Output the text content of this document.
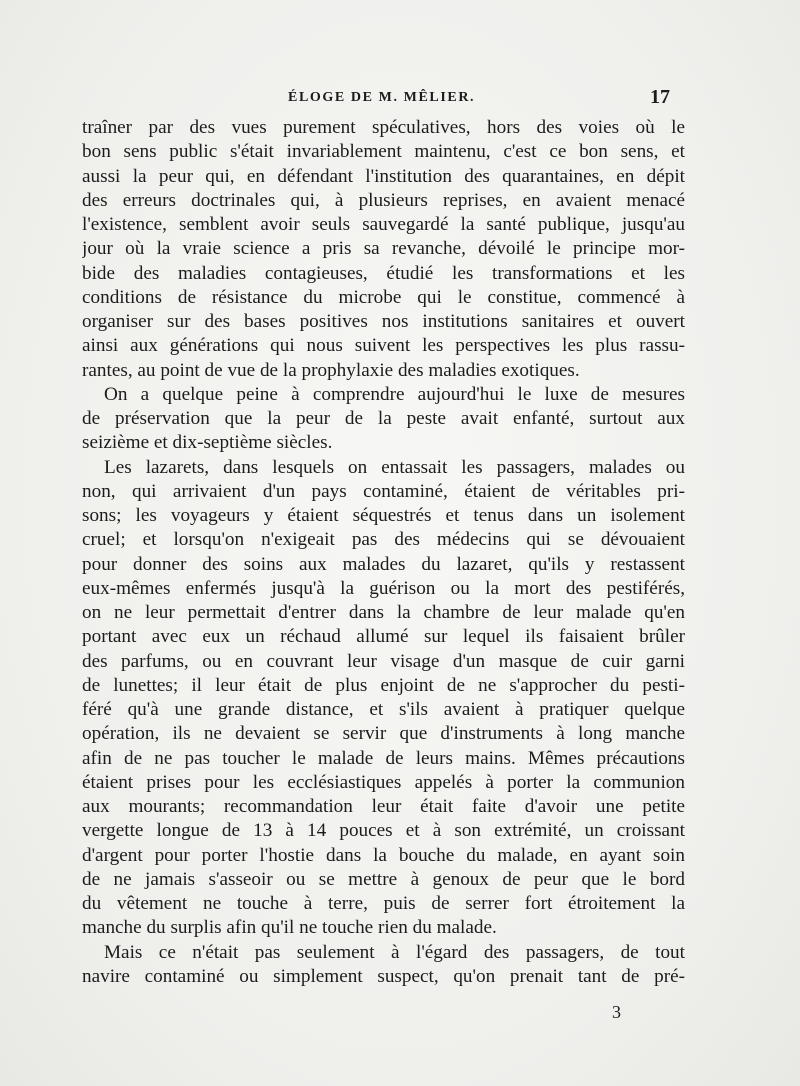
ÉLOGE DE M. MÊLIER.	17
traîner par des vues purement spéculatives, hors des voies où le
bon sens public s'était invariablement maintenu, c'est ce bon sens, et
aussi la peur qui, en défendant l'institution des quarantaines, en dépit
des erreurs doctrinales qui, à plusieurs reprises, en avaient menacé
l'existence, semblent avoir seuls sauvegardé la santé publique, jusqu'au
jour où la vraie science a pris sa revanche, dévoilé le principe mor-
bide des maladies contagieuses, étudié les transformations et les
conditions de résistance du microbe qui le constitue, commencé à
organiser sur des bases positives nos institutions sanitaires et ouvert
ainsi aux générations qui nous suivent les perspectives les plus rassu-
rantes, au point de vue de la prophylaxie des maladies exotiques.
On a quelque peine à comprendre aujourd'hui le luxe de mesures
de préservation que la peur de la peste avait enfanté, surtout aux
seizième et dix-septième siècles.
Les lazarets, dans lesquels on entassait les passagers, malades ou
non, qui arrivaient d'un pays contaminé, étaient de véritables pri-
sons; les voyageurs y étaient séquestrés et tenus dans un isolement
cruel; et lorsqu'on n'exigeait pas des médecins qui se dévouaient
pour donner des soins aux malades du lazaret, qu'ils y restassent
eux-mêmes enfermés jusqu'à la guérison ou la mort des pestiférés,
on ne leur permettait d'entrer dans la chambre de leur malade qu'en
portant avec eux un réchaud allumé sur lequel ils faisaient brûler
des parfums, ou en couvrant leur visage d'un masque de cuir garni
de lunettes; il leur était de plus enjoint de ne s'approcher du pesti-
féré qu'à une grande distance, et s'ils avaient à pratiquer quelque
opération, ils ne devaient se servir que d'instruments à long manche
afin de ne pas toucher le malade de leurs mains. Mêmes précautions
étaient prises pour les ecclésiastiques appelés à porter la communion
aux mourants; recommandation leur était faite d'avoir une petite
vergette longue de 13 à 14 pouces et à son extrémité, un croissant
d'argent pour porter l'hostie dans la bouche du malade, en ayant soin
de ne jamais s'asseoir ou se mettre à genoux de peur que le bord
du vêtement ne touche à terre, puis de serrer fort étroitement la
manche du surplis afin qu'il ne touche rien du malade.
Mais ce n'était pas seulement à l'égard des passagers, de tout
navire contaminé ou simplement suspect, qu'on prenait tant de pré-
3
